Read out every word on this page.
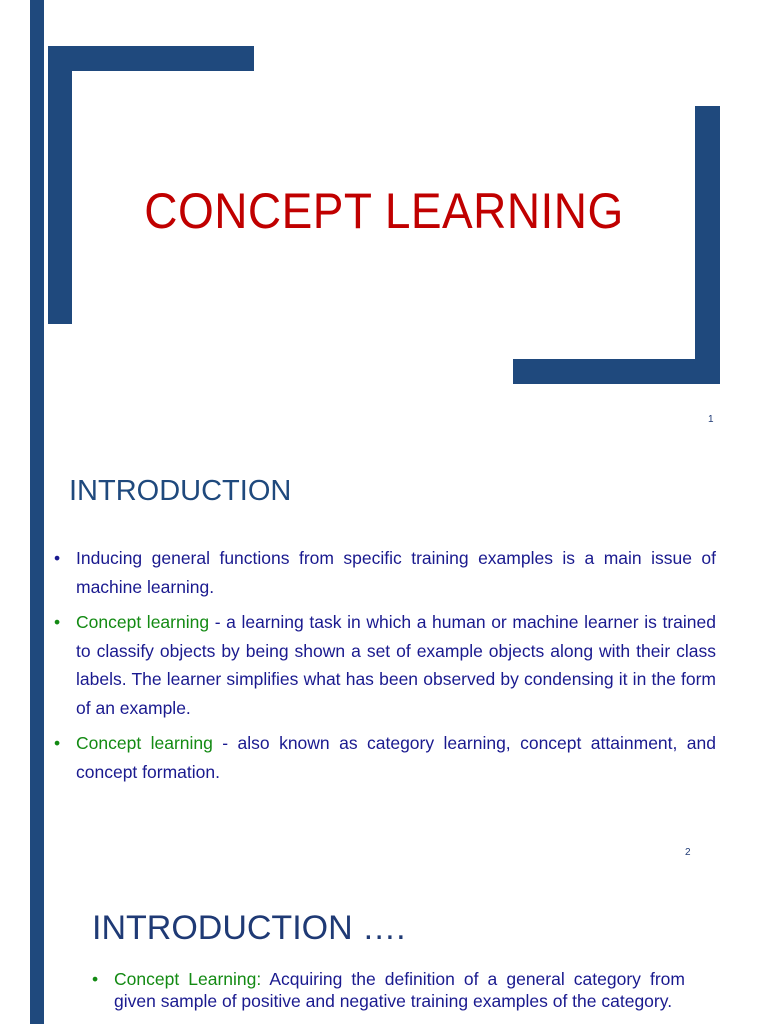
CONCEPT LEARNING
1
INTRODUCTION
• Inducing general functions from specific training examples is a main issue of machine learning.
• Concept learning - a learning task in which a human or machine learner is trained to classify objects by being shown a set of example objects along with their class labels. The learner simplifies what has been observed by condensing it in the form of an example.
• Concept learning - also known as category learning, concept attainment, and concept formation.
2
INTRODUCTION ….
• Concept Learning: Acquiring the definition of a general category from given sample of positive and negative training examples of the category.
